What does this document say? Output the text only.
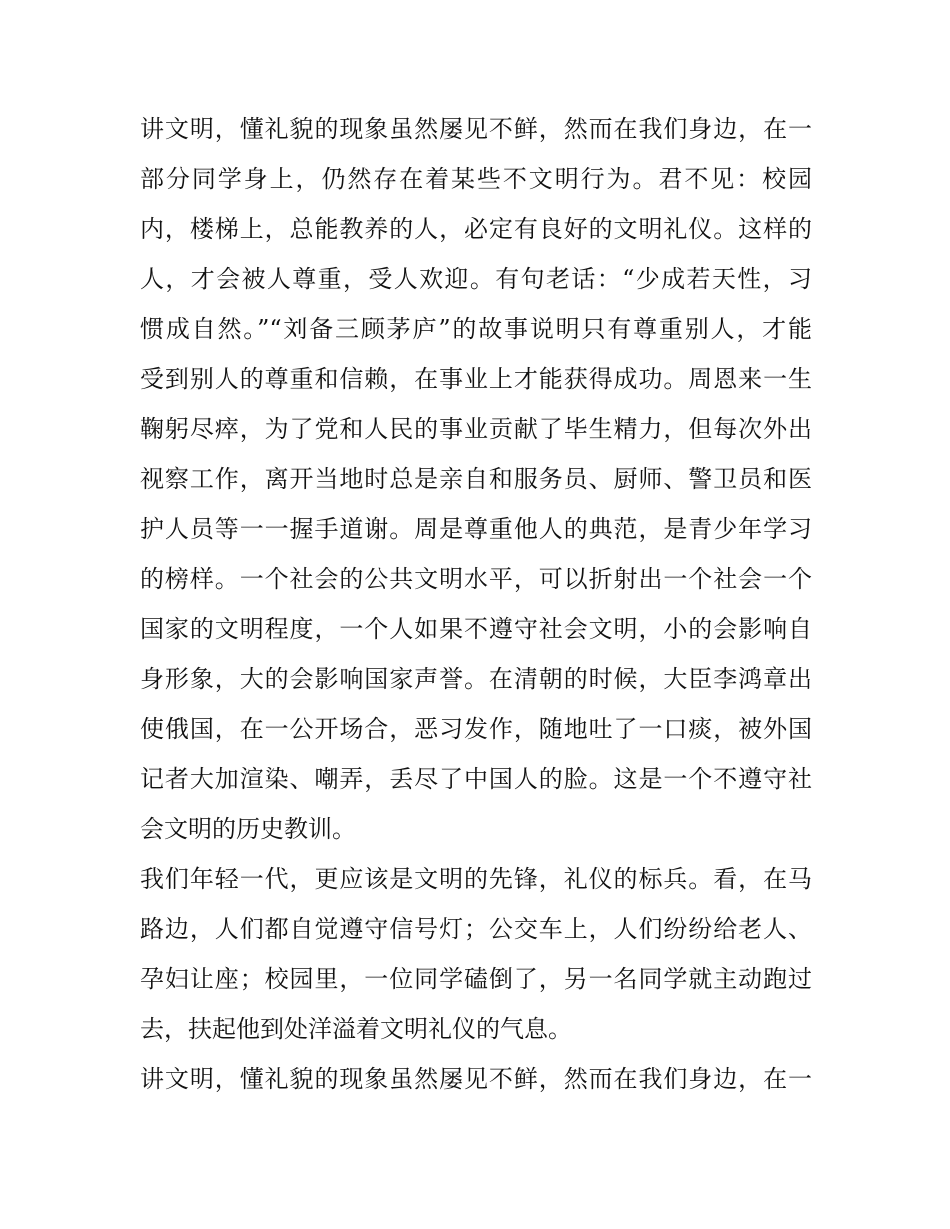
讲文明，懂礼貌的现象虽然屡见不鲜，然而在我们身边，在一
部分同学身上，仍然存在着某些不文明行为。君不见：校园
内，楼梯上，总能教养的人，必定有良好的文明礼仪。这样的
人，才会被人尊重，受人欢迎。有句老话：“少成若天性，习
惯成自然。”“刘备三顾茅庐”的故事说明只有尊重别人，才能
受到别人的尊重和信赖，在事业上才能获得成功。周恩来一生
鞠躬尽瘁，为了党和人民的事业贡献了毕生精力，但每次外出
视察工作，离开当地时总是亲自和服务员、厨师、警卫员和医
护人员等一一握手道谢。周是尊重他人的典范，是青少年学习
的榜样。一个社会的公共文明水平，可以折射出一个社会一个
国家的文明程度，一个人如果不遵守社会文明，小的会影响自
身形象，大的会影响国家声誉。在清朝的时候，大臣李鸿章出
使俄国，在一公开场合，恶习发作，随地吐了一口痰，被外国
记者大加渲染、嘲弄，丢尽了中国人的脸。这是一个不遵守社
会文明的历史教训。
我们年轻一代，更应该是文明的先锋，礼仪的标兵。看，在马
路边，人们都自觉遵守信号灯；公交车上，人们纷纷给老人、
孕妇让座；校园里，一位同学磕倒了，另一名同学就主动跑过
去，扶起他到处洋溢着文明礼仪的气息。
讲文明，懂礼貌的现象虽然屡见不鲜，然而在我们身边，在一
